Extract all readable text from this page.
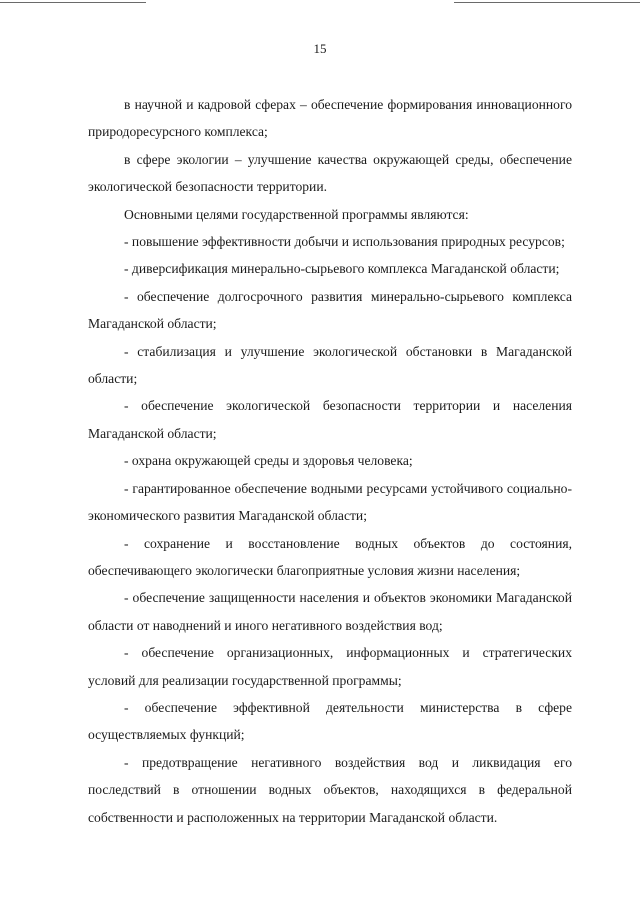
15

в научной и кадровой сферах – обеспечение формирования инновационного природоресурсного комплекса;

в сфере экологии – улучшение качества окружающей среды, обеспечение экологической безопасности территории.

Основными целями государственной программы являются:

- повышение эффективности добычи и использования природных ресурсов;

- диверсификация минерально-сырьевого комплекса Магаданской области;

- обеспечение долгосрочного развития минерально-сырьевого комплекса Магаданской области;

- стабилизация и улучшение экологической обстановки в Магаданской области;

- обеспечение экологической безопасности территории и населения Магаданской области;

- охрана окружающей среды и здоровья человека;

- гарантированное обеспечение водными ресурсами устойчивого социально-экономического развития Магаданской области;

- сохранение и восстановление водных объектов до состояния, обеспечивающего экологически благоприятные условия жизни населения;

- обеспечение защищенности населения и объектов экономики Магаданской области от наводнений и иного негативного воздействия вод;

- обеспечение организационных, информационных и стратегических условий для реализации государственной программы;

- обеспечение эффективной деятельности министерства в сфере осуществляемых функций;

- предотвращение негативного воздействия вод и ликвидация его последствий в отношении водных объектов, находящихся в федеральной собственности и расположенных на территории Магаданской области.
